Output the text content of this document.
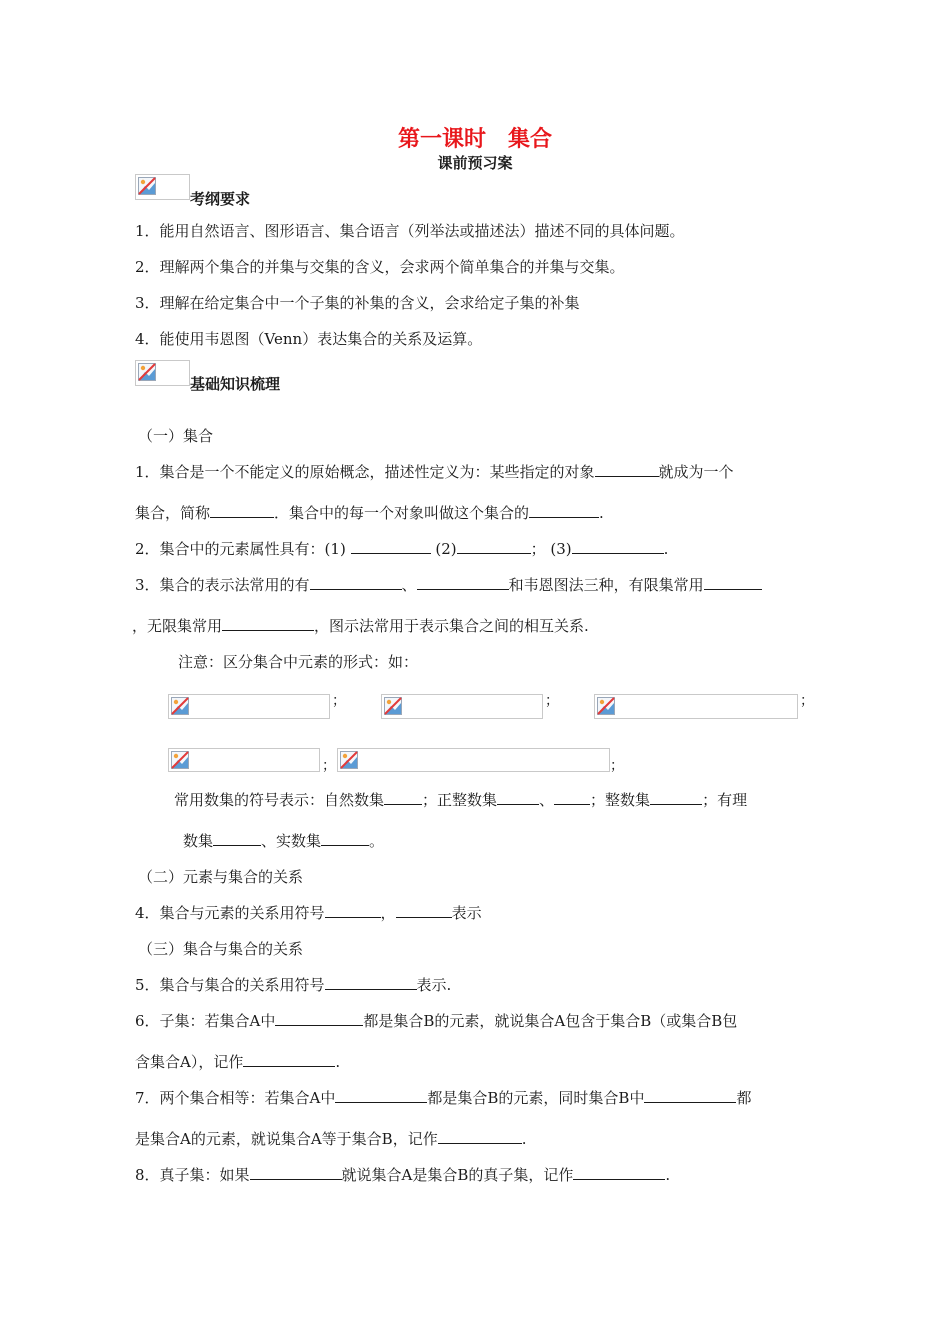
第一课时　集合
课前预习案
考纲要求
1．能用自然语言、图形语言、集合语言（列举法或描述法）描述不同的具体问题。
2．理解两个集合的并集与交集的含义，会求两个简单集合的并集与交集。
3．理解在给定集合中一个子集的补集的含义，会求给定子集的补集
4．能使用韦恩图（Venn）表达集合的关系及运算。
基础知识梳理
（一）集合
1．集合是一个不能定义的原始概念，描述性定义为：某些指定的对象	就成为一个
集合，简称	．集合中的每一个对象叫做这个集合的	.
2．集合中的元素属性具有：(1)	(2)	； (3)	.
3．集合的表示法常用的有	、	和韦恩图法三种，有限集常用
，无限集常用	，图示法常用于表示集合之间的相互关系.
注意：区分集合中元素的形式：如：
；	；	；
；	；
常用数集的符号表示：自然数集	；正整数集	、 ；整数集	；有理
数集	、实数集	。
（二）元素与集合的关系
4．集合与元素的关系用符号	，	表示
（三）集合与集合的关系
5．集合与集合的关系用符号	表示.
6．子集：若集合A中	都是集合B的元素，就说集合A包含于集合B（或集合B包
含集合A），记作	.
7．两个集合相等：若集合A中	都是集合B的元素，同时集合B中	都
是集合A的元素，就说集合A等于集合B，记作	.
8．真子集：如果	就说集合A是集合B的真子集，记作	.
